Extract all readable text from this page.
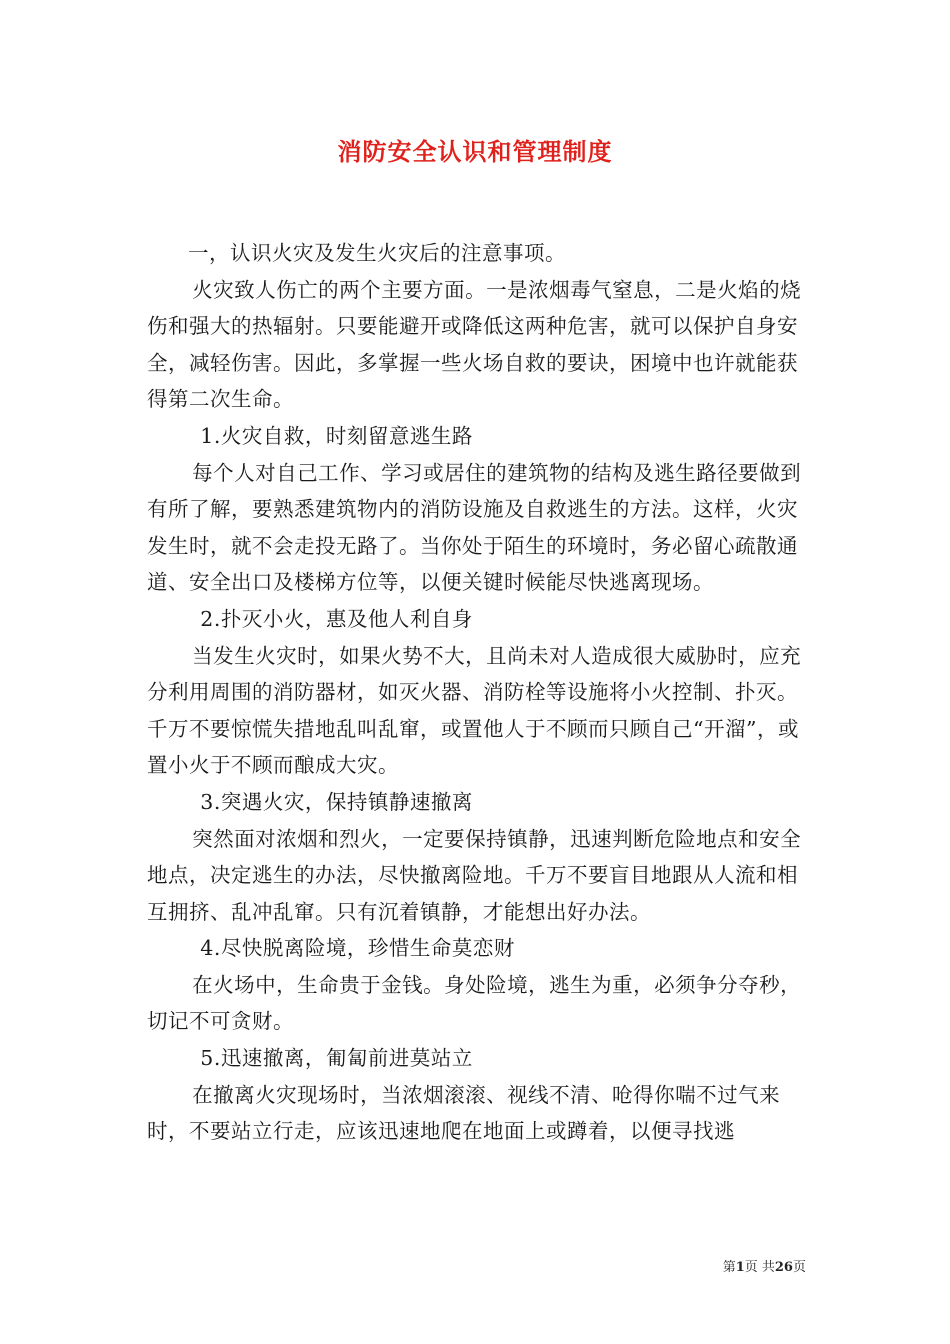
消防安全认识和管理制度

一，认识火灾及发生火灾后的注意事项。

火灾致人伤亡的两个主要方面。一是浓烟毒气窒息，二是火焰的烧伤和强大的热辐射。只要能避开或降低这两种危害，就可以保护自身安全，减轻伤害。因此，多掌握一些火场自救的要诀，困境中也许就能获得第二次生命。

1.火灾自救，时刻留意逃生路

每个人对自己工作、学习或居住的建筑物的结构及逃生路径要做到有所了解，要熟悉建筑物内的消防设施及自救逃生的方法。这样，火灾发生时，就不会走投无路了。当你处于陌生的环境时，务必留心疏散通道、安全出口及楼梯方位等，以便关键时候能尽快逃离现场。

2.扑灭小火，惠及他人利自身

当发生火灾时，如果火势不大，且尚未对人造成很大威胁时，应充分利用周围的消防器材，如灭火器、消防栓等设施将小火控制、扑灭。千万不要惊慌失措地乱叫乱窜，或置他人于不顾而只顾自己“开溜”，或置小火于不顾而酿成大灾。

3.突遇火灾，保持镇静速撤离

突然面对浓烟和烈火，一定要保持镇静，迅速判断危险地点和安全地点，决定逃生的办法，尽快撤离险地。千万不要盲目地跟从人流和相互拥挤、乱冲乱窜。只有沉着镇静，才能想出好办法。

4.尽快脱离险境，珍惜生命莫恋财

在火场中，生命贵于金钱。身处险境，逃生为重，必须争分夺秒，切记不可贪财。

5.迅速撤离，匍匐前进莫站立

在撤离火灾现场时，当浓烟滚滚、视线不清、呛得你喘不过气来时，不要站立行走，应该迅速地爬在地面上或蹲着，以便寻找逃

第1页 共26页
